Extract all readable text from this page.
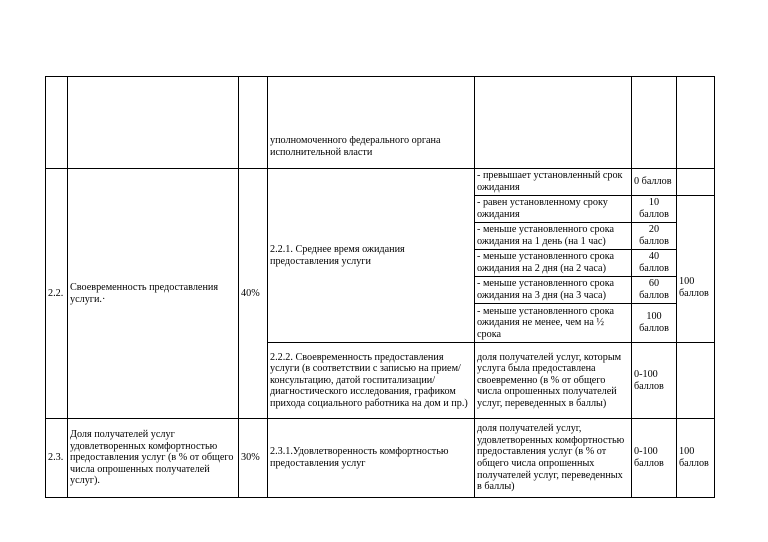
			уполномоченного федерального органа исполнительной власти			
2.2.	Своевременность предоставления услуги.·	40%	2.2.1. Среднее время ожидания предоставления услуги	- превышает установленный срок ожидания	0 баллов	
				- равен установленному сроку ожидания	10 баллов	100 баллов
				- меньше установленного срока ожидания на 1 день (на 1 час)	20 баллов	
				- меньше установленного срока ожидания на 2 дня (на 2 часа)	40 баллов	
				- меньше установленного срока ожидания на 3 дня (на 3 часа)	60 баллов	
				- меньше установленного срока ожидания не менее, чем на ½ срока	100 баллов	
			2.2.2. Своевременность предоставления услуги (в соответствии с записью на прием/консультацию, датой госпитализации/диагностического исследования, графиком прихода социального работника на дом и пр.)	доля получателей услуг, которым услуга была предоставлена своевременно (в % от общего числа опрошенных получателей услуг, переведенных в баллы)	0-100 баллов	
2.3.	Доля получателей услуг удовлетворенных комфортностью предоставления услуг (в % от общего числа опрошенных получателей услуг).	30%	2.3.1.Удовлетворенность комфортностью предоставления услуг	доля получателей услуг, удовлетворенных комфортностью предоставления услуг (в % от общего числа опрошенных получателей услуг, переведенных в баллы)	0-100 баллов	100 баллов
